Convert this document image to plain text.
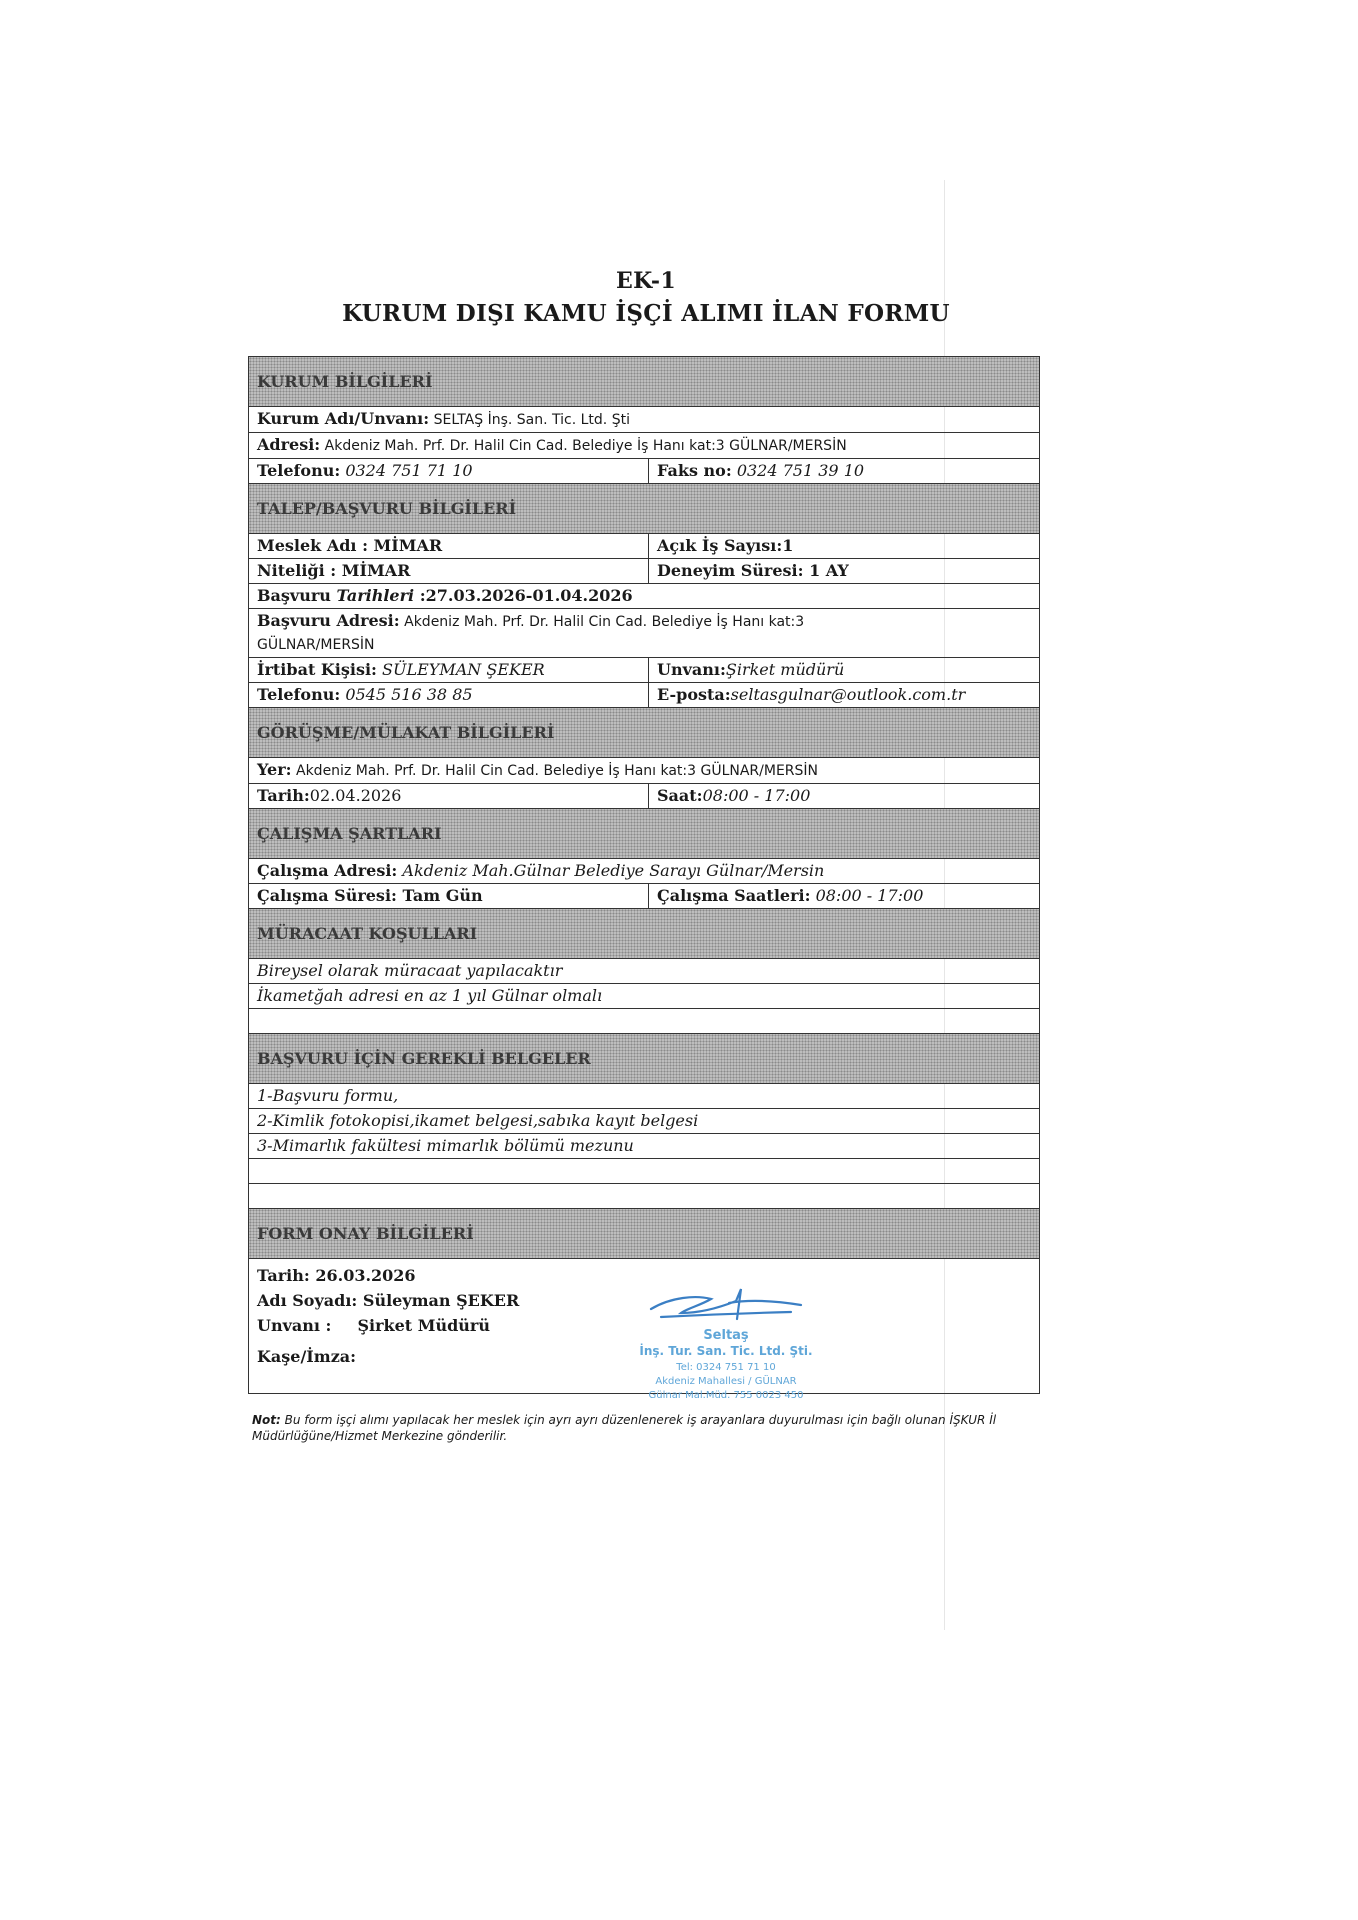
EK-1
KURUM DIŞI KAMU İŞÇİ ALIMI İLAN FORMU
KURUM BİLGİLERİ
Kurum Adı/Unvanı: SELTAŞ İnş. San. Tic. Ltd. Şti
Adresi: Akdeniz Mah. Prf. Dr. Halil Cin Cad. Belediye İş Hanı kat:3 GÜLNAR/MERSİN
Telefonu: 0324 751 71 10	Faks no: 0324 751 39 10
TALEP/BAŞVURU BİLGİLERİ
Meslek Adı : MİMAR	Açık İş Sayısı:1
Niteliği : MİMAR	Deneyim Süresi: 1 AY
Başvuru Tarihleri :27.03.2026-01.04.2026
Başvuru Adresi: Akdeniz Mah. Prf. Dr. Halil Cin Cad. Belediye İş Hanı kat:3
GÜLNAR/MERSİN
İrtibat Kişisi: SÜLEYMAN ŞEKER	Unvanı:Şirket müdürü
Telefonu: 0545 516 38 85	E-posta:seltasgulnar@outlook.com.tr
GÖRÜŞME/MÜLAKAT BİLGİLERİ
Yer: Akdeniz Mah. Prf. Dr. Halil Cin Cad. Belediye İş Hanı kat:3 GÜLNAR/MERSİN
Tarih:02.04.2026	Saat:08:00 - 17:00
ÇALIŞMA ŞARTLARI
Çalışma Adresi: Akdeniz Mah.Gülnar Belediye Sarayı Gülnar/Mersin
Çalışma Süresi: Tam Gün	Çalışma Saatleri: 08:00 - 17:00
MÜRACAAT KOŞULLARI
Bireysel olarak müracaat yapılacaktır
İkametğah adresi en az 1 yıl Gülnar olmalı
BAŞVURU İÇİN GEREKLİ BELGELER
1-Başvuru formu,
2-Kimlik fotokopisi,ikamet belgesi,sabıka kayıt belgesi
3-Mimarlık fakültesi mimarlık bölümü mezunu
FORM ONAY BİLGİLERİ
Tarih: 26.03.2026
Adı Soyadı: Süleyman ŞEKER
Unvanı : Şirket Müdürü
Kaşe/İmza:
Seltaş
İnş. Tur. San. Tic. Ltd. Şti.
Tel: 0324 751 71 10
Akdeniz Mahallesi / GÜLNAR
Gülnar Mal.Müd. 755 0023 450
Not: Bu form işçi alımı yapılacak her meslek için ayrı ayrı düzenlenerek iş arayanlara duyurulması için bağlı olunan İŞKUR İl Müdürlüğüne/Hizmet Merkezine gönderilir.
